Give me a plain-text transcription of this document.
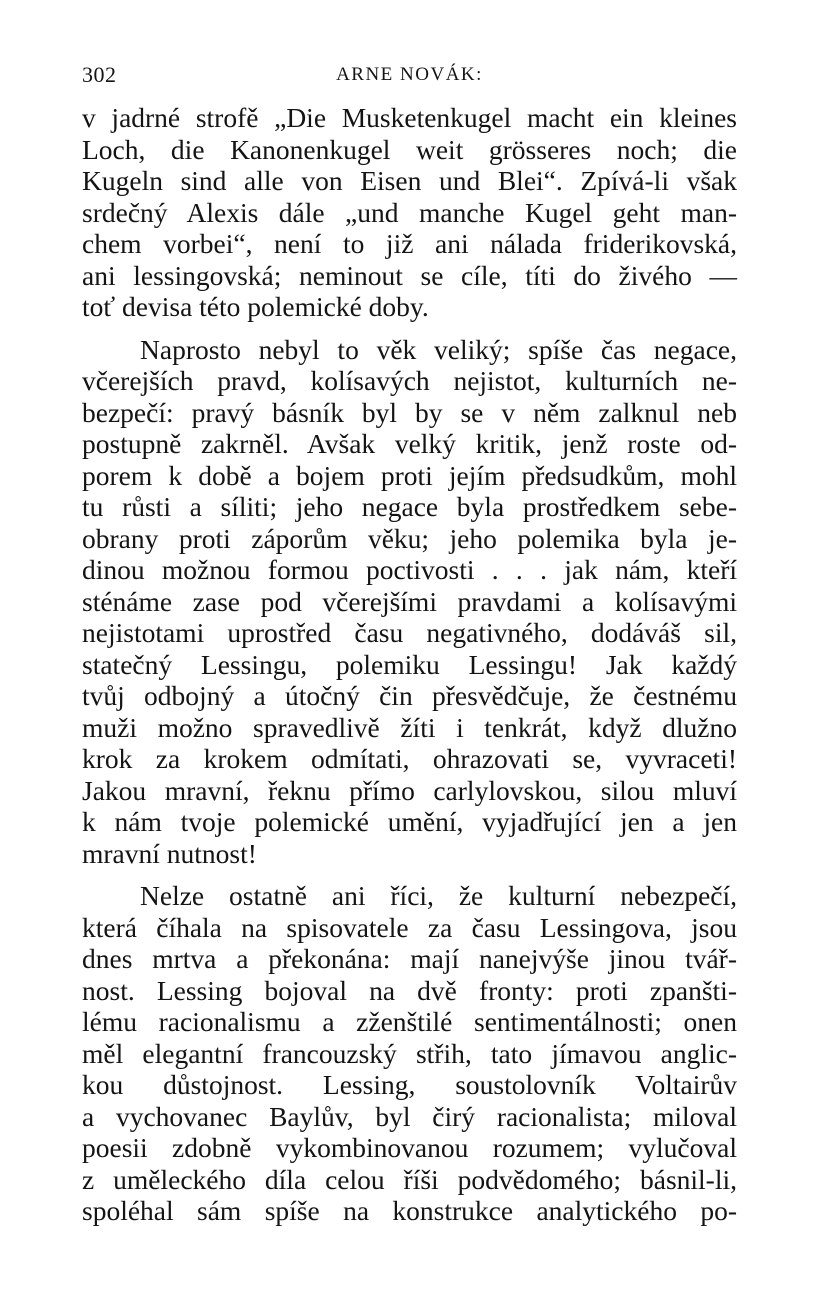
302	ARNE NOVÁK:
v jadrné strofě „Die Musketenkugel macht ein kleines
Loch, die Kanonenkugel weit grösseres noch; die
Kugeln sind alle von Eisen und Blei“. Zpívá-li však
srdečný Alexis dále „und manche Kugel geht man-
chem vorbei“, není to již ani nálada friderikovská,
ani lessingovská; neminout se cíle, títi do živého —
toť devisa této polemické doby.
Naprosto nebyl to věk veliký; spíše čas negace,
včerejších pravd, kolísavých nejistot, kulturních ne-
bezpečí: pravý básník byl by se v něm zalknul neb
postupně zakrněl. Avšak velký kritik, jenž roste od-
porem k době a bojem proti jejím předsudkům, mohl
tu růsti a síliti; jeho negace byla prostředkem sebe-
obrany proti záporům věku; jeho polemika byla je-
dinou možnou formou poctivosti . . . jak nám, kteří
sténáme zase pod včerejšími pravdami a kolísavými
nejistotami uprostřed času negativného, dodáváš sil,
statečný Lessingu, polemiku Lessingu! Jak každý
tvůj odbojný a útočný čin přesvědčuje, že čestnému
muži možno spravedlivě žíti i tenkrát, když dlužno
krok za krokem odmítati, ohrazovati se, vyvraceti!
Jakou mravní, řeknu přímo carlylovskou, silou mluví
k nám tvoje polemické umění, vyjadřující jen a jen
mravní nutnost!
Nelze ostatně ani říci, že kulturní nebezpečí,
která číhala na spisovatele za času Lessingova, jsou
dnes mrtva a překonána: mají nanejvýše jinou tvář-
nost. Lessing bojoval na dvě fronty: proti zpanšti-
lému racionalismu a zženštilé sentimentálnosti; onen
měl elegantní francouzský střih, tato jímavou anglic-
kou důstojnost. Lessing, soustolovník Voltairův
a vychovanec Baylův, byl čirý racionalista; miloval
poesii zdobně vykombinovanou rozumem; vylučoval
z uměleckého díla celou říši podvědomého; básnil-li,
spoléhal sám spíše na konstrukce analytického po-
